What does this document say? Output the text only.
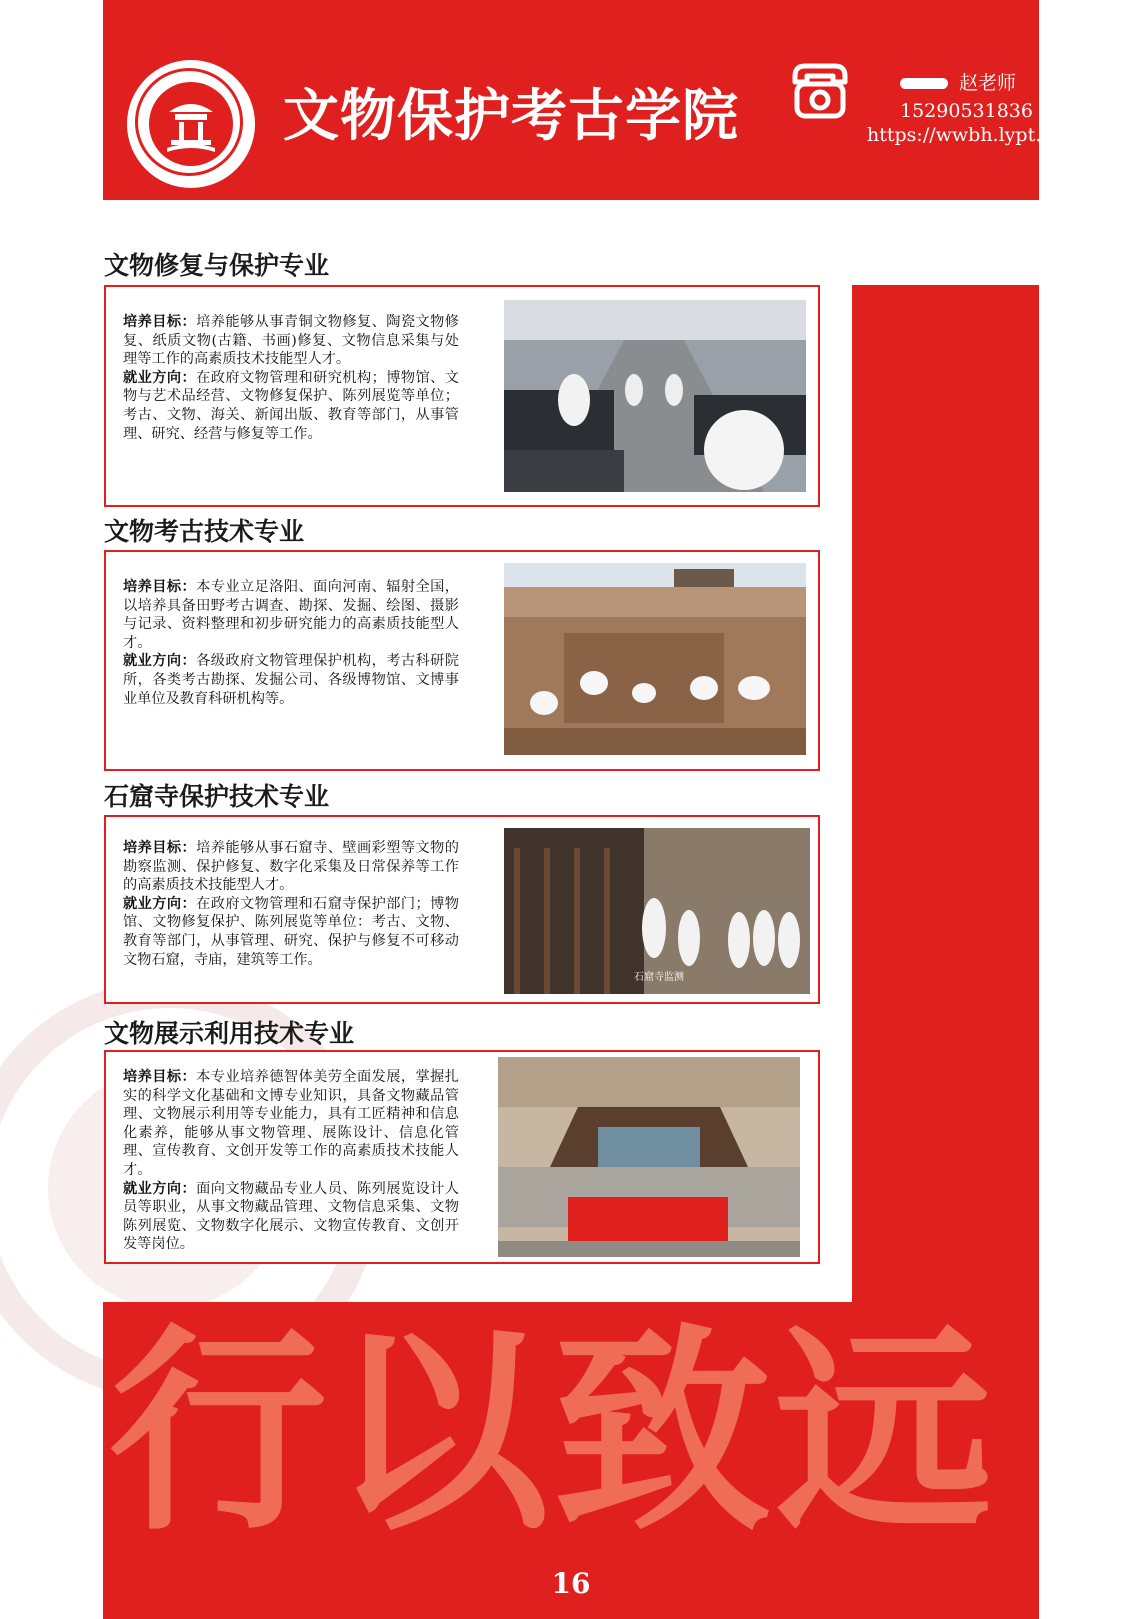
文物保护考古学院	赵老师
15290531836
https://wwbh.lypt.edu.cn/
文物修复与保护专业

培养目标：培养能够从事青铜文物修复、陶瓷文物修复、纸质文物(古籍、书画)修复、文物信息采集与处理等工作的高素质技术技能型人才。

就业方向：在政府文物管理和研究机构；博物馆、文物与艺术品经营、文物修复保护、陈列展览等单位；考古、文物、海关、新闻出版、教育等部门，从事管理、研究、经营与修复等工作。

文物考古技术专业

培养目标：本专业立足洛阳、面向河南、辐射全国，以培养具备田野考古调查、勘探、发掘、绘图、摄影与记录、资料整理和初步研究能力的高素质技能型人才。

就业方向：各级政府文物管理保护机构，考古科研院所，各类考古勘探、发掘公司、各级博物馆、文博事业单位及教育科研机构等。

石窟寺保护技术专业

培养目标：培养能够从事石窟寺、壁画彩塑等文物的勘察监测、保护修复、数字化采集及日常保养等工作的高素质技术技能型人才。

就业方向：在政府文物管理和石窟寺保护部门；博物馆、文物修复保护、陈列展览等单位：考古、文物、教育等部门，从事管理、研究、保护与修复不可移动文物石窟，寺庙，建筑等工作。

石窟寺监测
文物展示利用技术专业

培养目标：本专业培养德智体美劳全面发展，掌握扎实的科学文化基础和文博专业知识，具备文物藏品管理、文物展示利用等专业能力，具有工匠精神和信息化素养，能够从事文物管理、展陈设计、信息化管理、宣传教育、文创开发等工作的高素质技术技能人才。

就业方向：面向文物藏品专业人员、陈列展览设计人员等职业，从事文物藏品管理、文物信息采集、文物陈列展览、文物数字化展示、文物宣传教育、文创开发等岗位。

行以致远
16
